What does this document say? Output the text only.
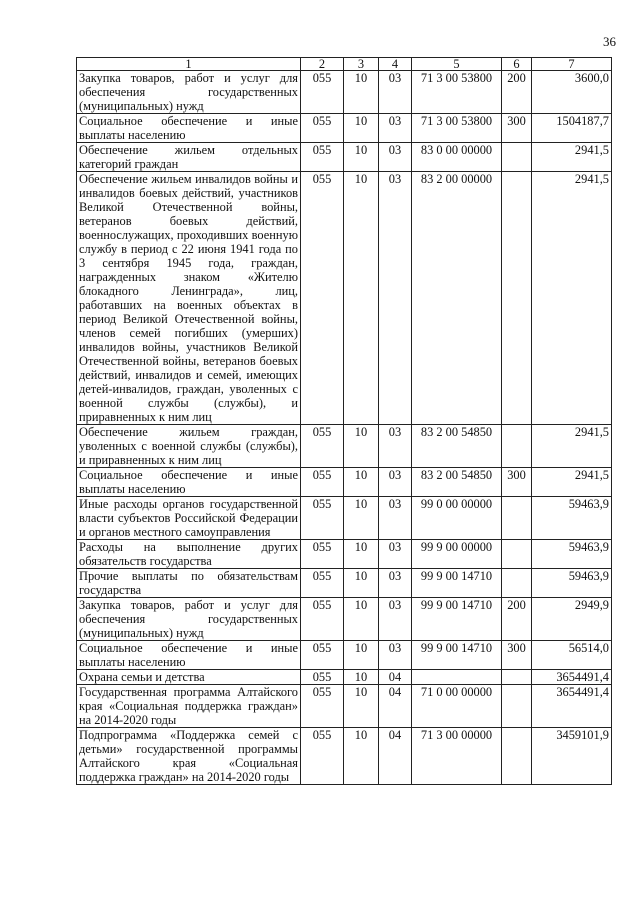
36
1	2	3	4	5	6	7
Закупка товаров, работ и услуг для обеспечения государственных (муниципальных) нужд	055	10	03	71 3 00 53800	200	3600,0
Социальное обеспечение и иные выплаты населению	055	10	03	71 3 00 53800	300	1504187,7
Обеспечение жильем отдельных категорий граждан	055	10	03	83 0 00 00000		2941,5
Обеспечение жильем инвалидов войны и инвалидов боевых действий, участников Великой Отечественной войны, ветеранов боевых действий, военнослужащих, проходивших военную службу в период с 22 июня 1941 года по 3 сентября 1945 года, граждан, награжденных знаком «Жителю блокадного Ленинграда», лиц, работавших на военных объектах в период Великой Отечественной войны, членов семей погибших (умерших) инвалидов войны, участников Великой Отечественной войны, ветеранов боевых действий, инвалидов и семей, имеющих детей-инвалидов, граждан, уволенных с военной службы (службы), и приравненных к ним лиц	055	10	03	83 2 00 00000		2941,5
Обеспечение жильем граждан, уволенных с военной службы (службы), и приравненных к ним лиц	055	10	03	83 2 00 54850		2941,5
Социальное обеспечение и иные выплаты населению	055	10	03	83 2 00 54850	300	2941,5
Иные расходы органов государственной власти субъектов Российской Федерации и органов местного самоуправления	055	10	03	99 0 00 00000		59463,9
Расходы на выполнение других обязательств государства	055	10	03	99 9 00 00000		59463,9
Прочие выплаты по обязательствам государства	055	10	03	99 9 00 14710		59463,9
Закупка товаров, работ и услуг для обеспечения государственных (муниципальных) нужд	055	10	03	99 9 00 14710	200	2949,9
Социальное обеспечение и иные выплаты населению	055	10	03	99 9 00 14710	300	56514,0
Охрана семьи и детства	055	10	04			3654491,4
Государственная программа Алтайского края «Социальная поддержка граждан» на 2014-2020 годы	055	10	04	71 0 00 00000		3654491,4
Подпрограмма «Поддержка семей с детьми» государственной программы Алтайского края «Социальная поддержка граждан» на 2014-2020 годы	055	10	04	71 3 00 00000		3459101,9
